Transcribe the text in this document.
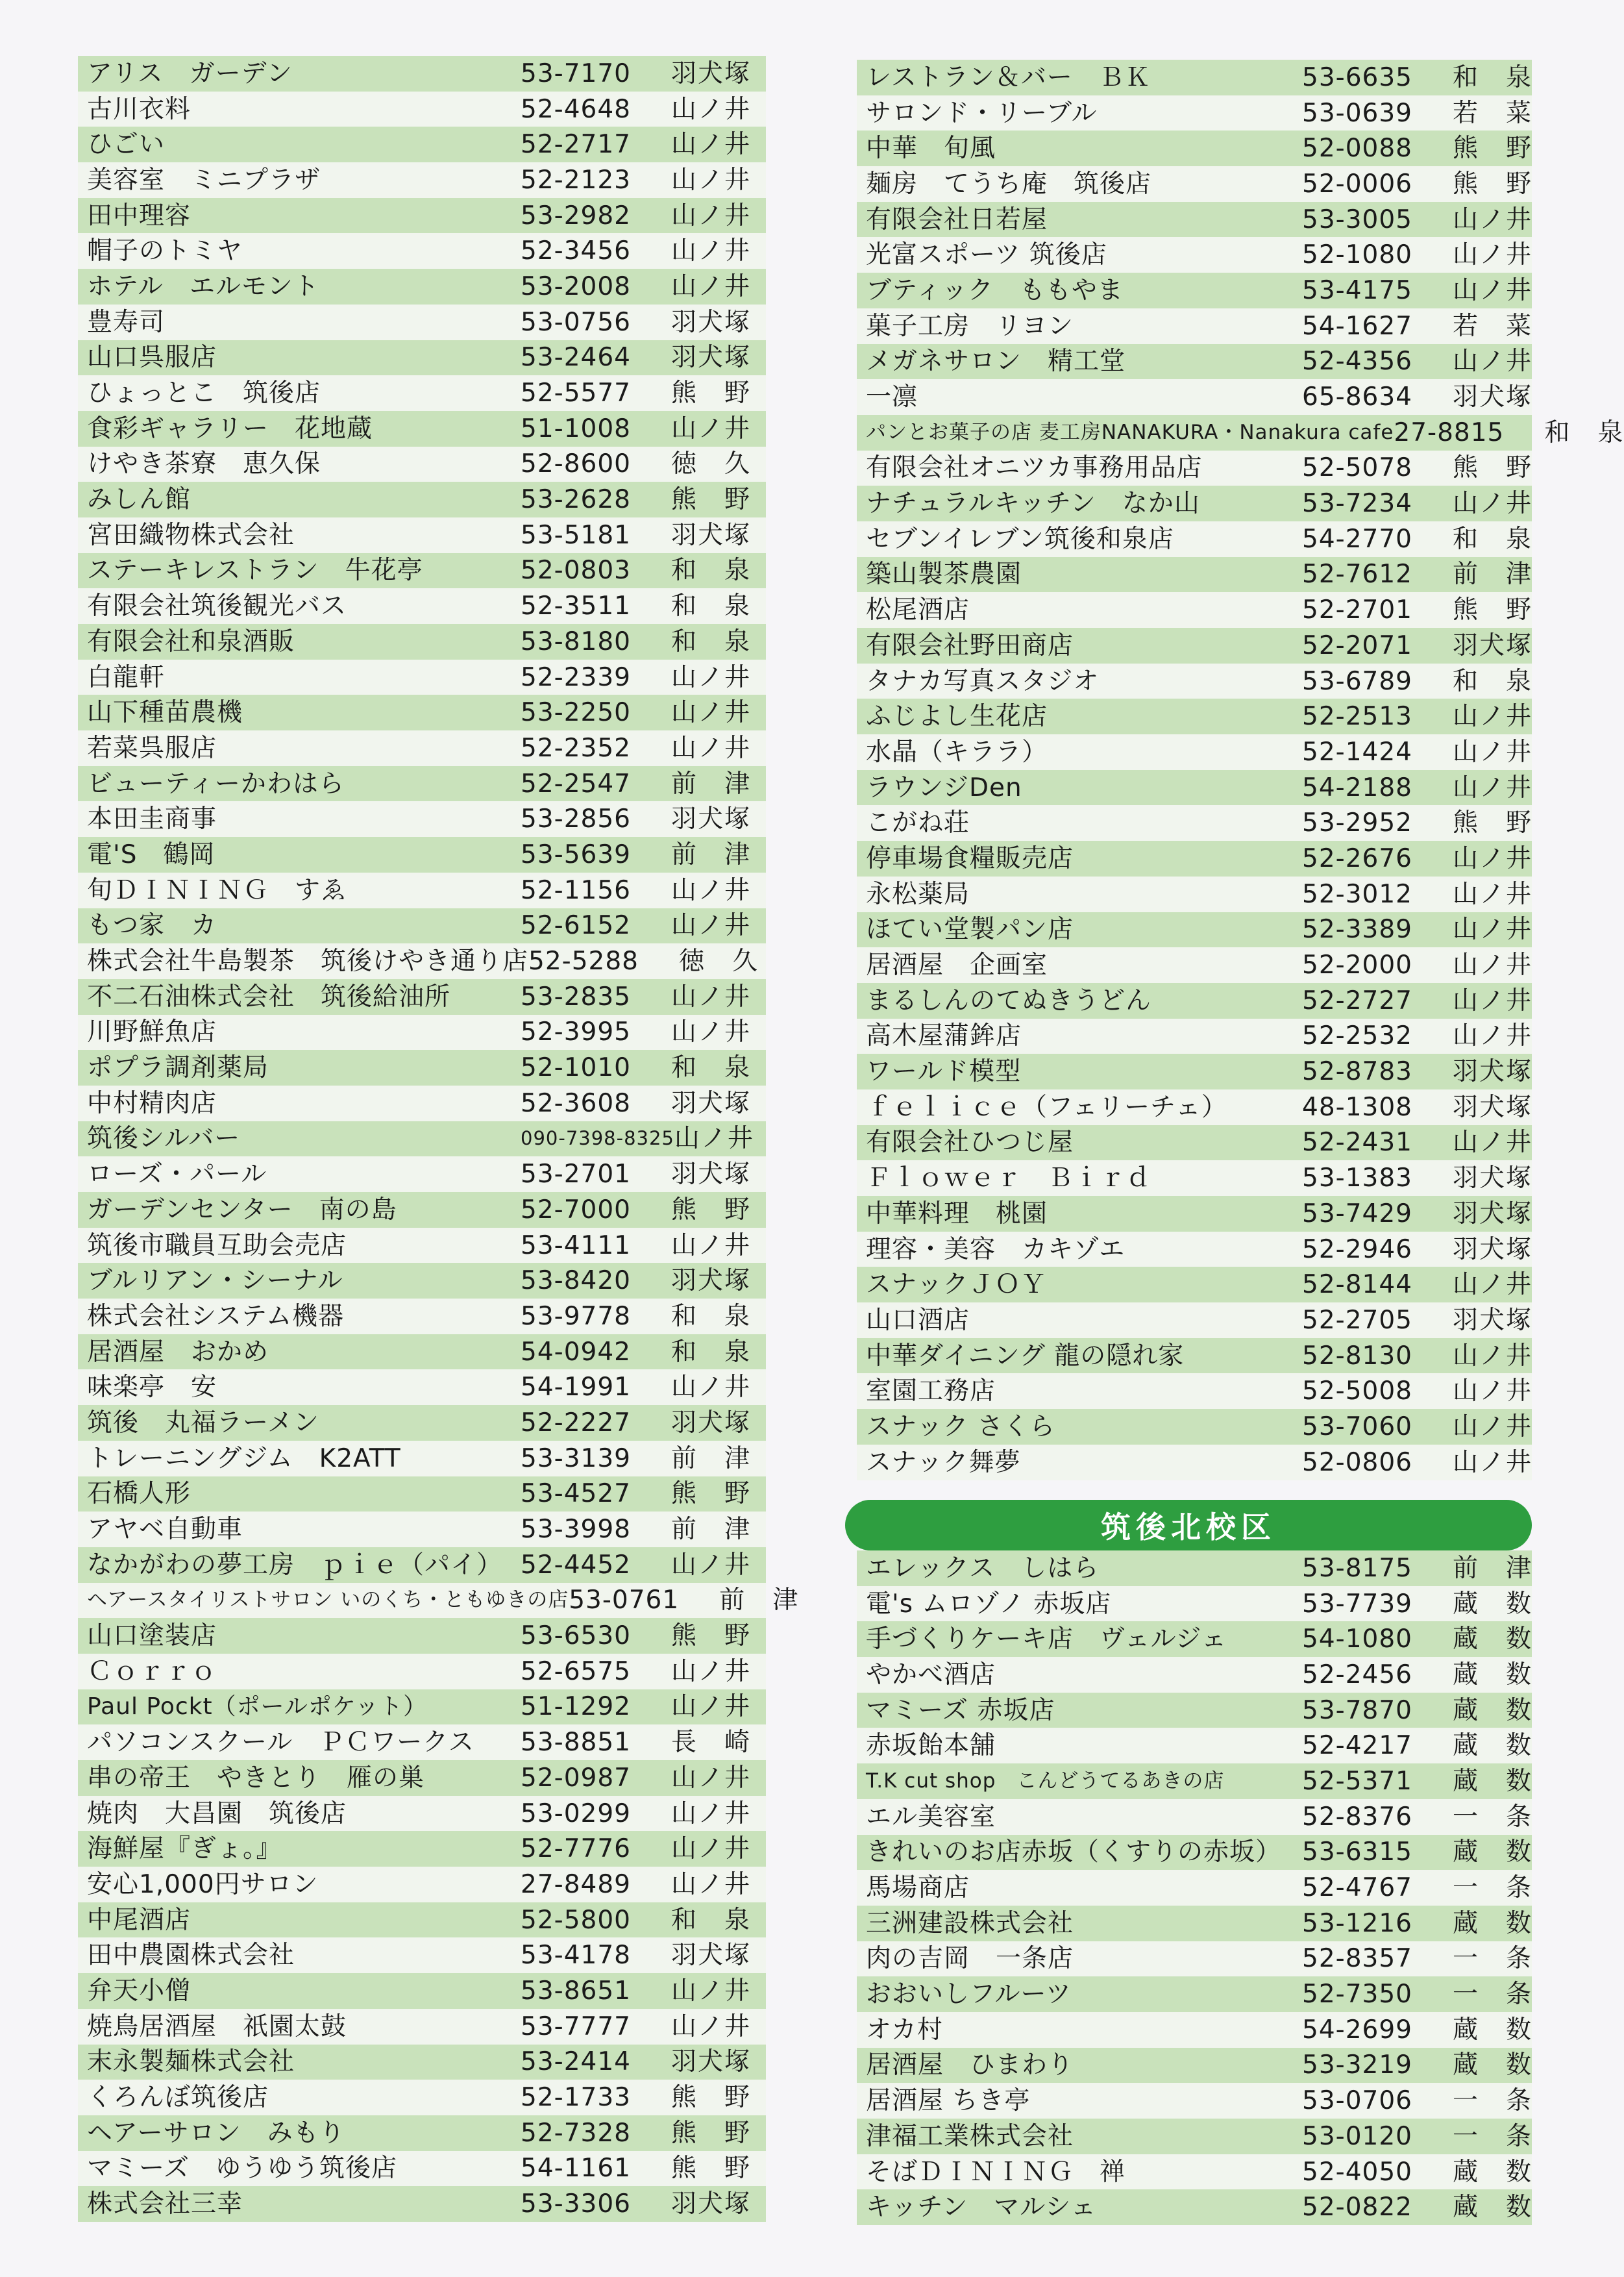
アリス　ガーデン	53-7170	羽犬塚
古川衣料	52-4648	山ノ井
ひごい	52-2717	山ノ井
美容室　ミニプラザ	52-2123	山ノ井
田中理容	53-2982	山ノ井
帽子のトミヤ	52-3456	山ノ井
ホテル　エルモント	53-2008	山ノ井
豊寿司	53-0756	羽犬塚
山口呉服店	53-2464	羽犬塚
ひょっとこ　筑後店	52-5577	熊　野
食彩ギャラリー　花地蔵	51-1008	山ノ井
けやき茶寮　恵久保	52-8600	徳　久
みしん館	53-2628	熊　野
宮田織物株式会社	53-5181	羽犬塚
ステーキレストラン　牛花亭	52-0803	和　泉
有限会社筑後観光バス	52-3511	和　泉
有限会社和泉酒販	53-8180	和　泉
白龍軒	52-2339	山ノ井
山下種苗農機	53-2250	山ノ井
若菜呉服店	52-2352	山ノ井
ビューティーかわはら	52-2547	前　津
本田圭商事	53-2856	羽犬塚
電'S　鶴岡	53-5639	前　津
旬ＤＩＮＩＮＧ　すゑ	52-1156	山ノ井
もつ家　カ	52-6152	山ノ井
株式会社牛島製茶　筑後けやき通り店 52-5288	徳　久
不二石油株式会社　筑後給油所	53-2835	山ノ井
川野鮮魚店	52-3995	山ノ井
ポプラ調剤薬局	52-1010	和　泉
中村精肉店	52-3608	羽犬塚
筑後シルバー	090-7398-8325 山ノ井
ローズ・パール	53-2701	羽犬塚
ガーデンセンター　南の島	52-7000	熊　野
筑後市職員互助会売店	53-4111	山ノ井
ブルリアン・シーナル	53-8420	羽犬塚
株式会社システム機器	53-9778	和　泉
居酒屋　おかめ	54-0942	和　泉
味楽亭　安	54-1991	山ノ井
筑後　丸福ラーメン	52-2227	羽犬塚
トレーニングジム　K2ATT	53-3139	前　津
石橋人形	53-4527	熊　野
アヤベ自動車	53-3998	前　津
なかがわの夢工房　ｐｉｅ（パイ） 52-4452	山ノ井
ヘアースタイリストサロン いのくち・ともゆきの店 53-0761	前　津
山口塗装店	53-6530	熊　野
Ｃｏｒｒｏ	52-6575	山ノ井
Paul Pockt（ポールポケット）	51-1292	山ノ井
パソコンスクール　ＰＣワークス	53-8851	長　崎
串の帝王　やきとり　雁の巣	52-0987	山ノ井
焼肉　大昌園　筑後店	53-0299	山ノ井
海鮮屋『ぎょ。』	52-7776	山ノ井
安心1,000円サロン	27-8489	山ノ井
中尾酒店	52-5800	和　泉
田中農園株式会社	53-4178	羽犬塚
弁天小僧	53-8651	山ノ井
焼鳥居酒屋　祇園太鼓	53-7777	山ノ井
末永製麺株式会社	53-2414	羽犬塚
くろんぼ筑後店	52-1733	熊　野
ヘアーサロン　みもり	52-7328	熊　野
マミーズ　ゆうゆう筑後店	54-1161	熊　野
株式会社三幸	53-3306	羽犬塚
レストラン＆バー　ＢＫ	53-6635	和　泉
サロンド・リーブル	53-0639	若　菜
中華　旬風	52-0088	熊　野
麺房　てうち庵　筑後店	52-0006	熊　野
有限会社日若屋	53-3005	山ノ井
光富スポーツ 筑後店	52-1080	山ノ井
ブティック　ももやま	53-4175	山ノ井
菓子工房　リヨン	54-1627	若　菜
メガネサロン　精工堂	52-4356	山ノ井
一凛	65-8634	羽犬塚
パンとお菓子の店 麦工房NANAKURA・Nanakura cafe 27-8815	和　泉
有限会社オニツカ事務用品店	52-5078	熊　野
ナチュラルキッチン　なか山	53-7234	山ノ井
セブンイレブン筑後和泉店	54-2770	和　泉
築山製茶農園	52-7612	前　津
松尾酒店	52-2701	熊　野
有限会社野田商店	52-2071	羽犬塚
タナカ写真スタジオ	53-6789	和　泉
ふじよし生花店	52-2513	山ノ井
水晶（キララ）	52-1424	山ノ井
ラウンジDen	54-2188	山ノ井
こがね荘	53-2952	熊　野
停車場食糧販売店	52-2676	山ノ井
永松薬局	52-3012	山ノ井
ほてい堂製パン店	52-3389	山ノ井
居酒屋　企画室	52-2000	山ノ井
まるしんのてぬきうどん	52-2727	山ノ井
高木屋蒲鉾店	52-2532	山ノ井
ワールド模型	52-8783	羽犬塚
ｆｅｌｉｃｅ（フェリーチェ）	48-1308	羽犬塚
有限会社ひつじ屋	52-2431	山ノ井
Ｆｌｏｗｅｒ　Ｂｉｒｄ	53-1383	羽犬塚
中華料理　桃園	53-7429	羽犬塚
理容・美容　カキゾエ	52-2946	羽犬塚
スナックＪＯＹ	52-8144	山ノ井
山口酒店	52-2705	羽犬塚
中華ダイニング 龍の隠れ家	52-8130	山ノ井
室園工務店	52-5008	山ノ井
スナック さくら	53-7060	山ノ井
スナック舞夢	52-0806	山ノ井
筑後北校区
エレックス　しはら	53-8175	前　津
電's ムロゾノ 赤坂店	53-7739	蔵　数
手づくりケーキ店　ヴェルジェ	54-1080	蔵　数
やかべ酒店	52-2456	蔵　数
マミーズ 赤坂店	53-7870	蔵　数
赤坂飴本舗	52-4217	蔵　数
T.K cut shop　こんどうてるあきの店	52-5371	蔵　数
エル美容室	52-8376	一　条
きれいのお店赤坂（くすりの赤坂） 53-6315	蔵　数
馬場商店	52-4767	一　条
三洲建設株式会社	53-1216	蔵　数
肉の吉岡　一条店	52-8357	一　条
おおいしフルーツ	52-7350	一　条
オカ村	54-2699	蔵　数
居酒屋　ひまわり	53-3219	蔵　数
居酒屋 ちき亭	53-0706	一　条
津福工業株式会社	53-0120	一　条
そばＤＩＮＩＮＧ　禅	52-4050	蔵　数
キッチン　マルシェ	52-0822	蔵　数
